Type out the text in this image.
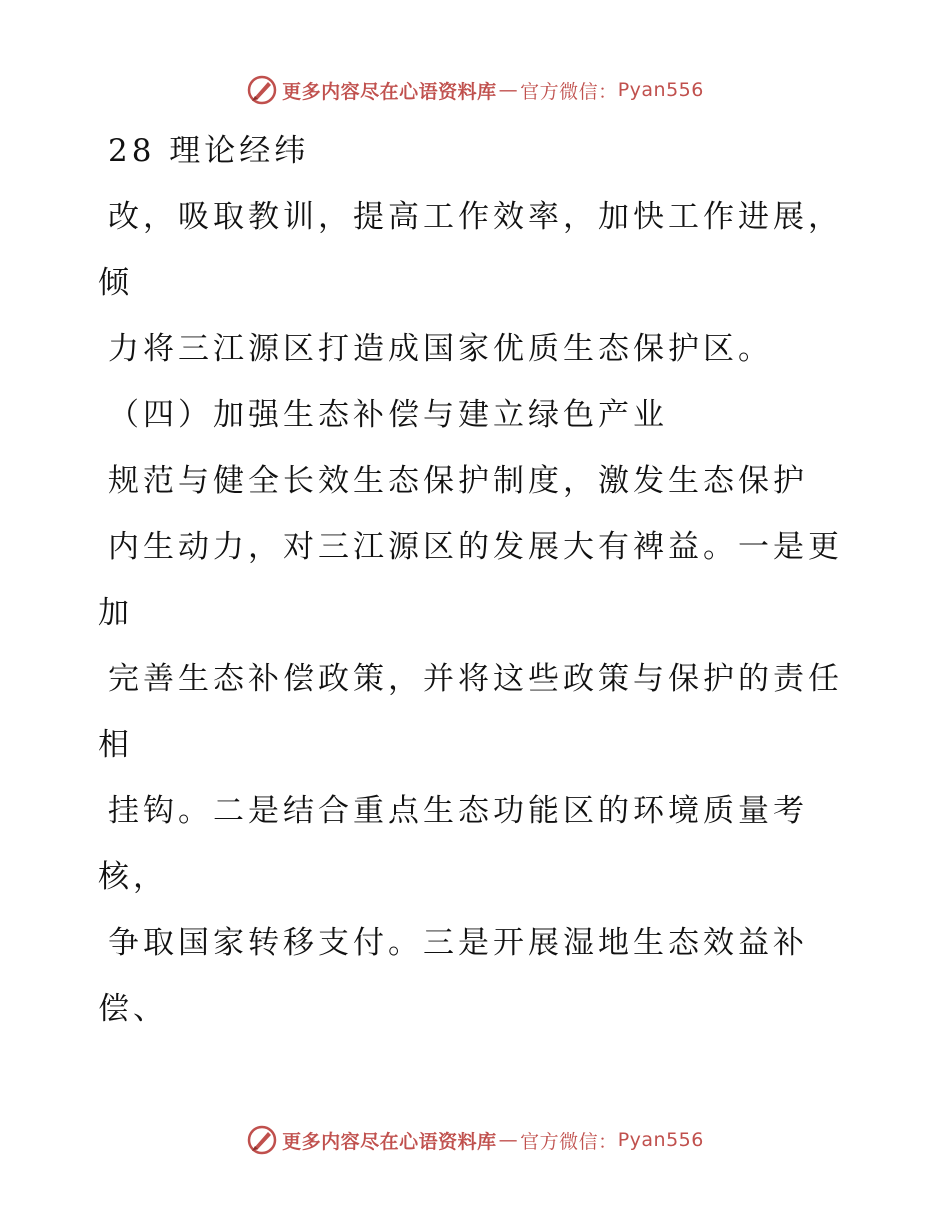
更多内容尽在心语资料库 — 官方微信： Pyan556
28 理论经纬
改，吸取教训，提高工作效率，加快工作进展，
倾
力将三江源区打造成国家优质生态保护区。
（四）加强生态补偿与建立绿色产业
规范与健全长效生态保护制度，激发生态保护
内生动力，对三江源区的发展大有裨益。一是更
加
完善生态补偿政策，并将这些政策与保护的责任
相
挂钩。二是结合重点生态功能区的环境质量考
核，
争取国家转移支付。三是开展湿地生态效益补
偿、
更多内容尽在心语资料库 — 官方微信： Pyan556
